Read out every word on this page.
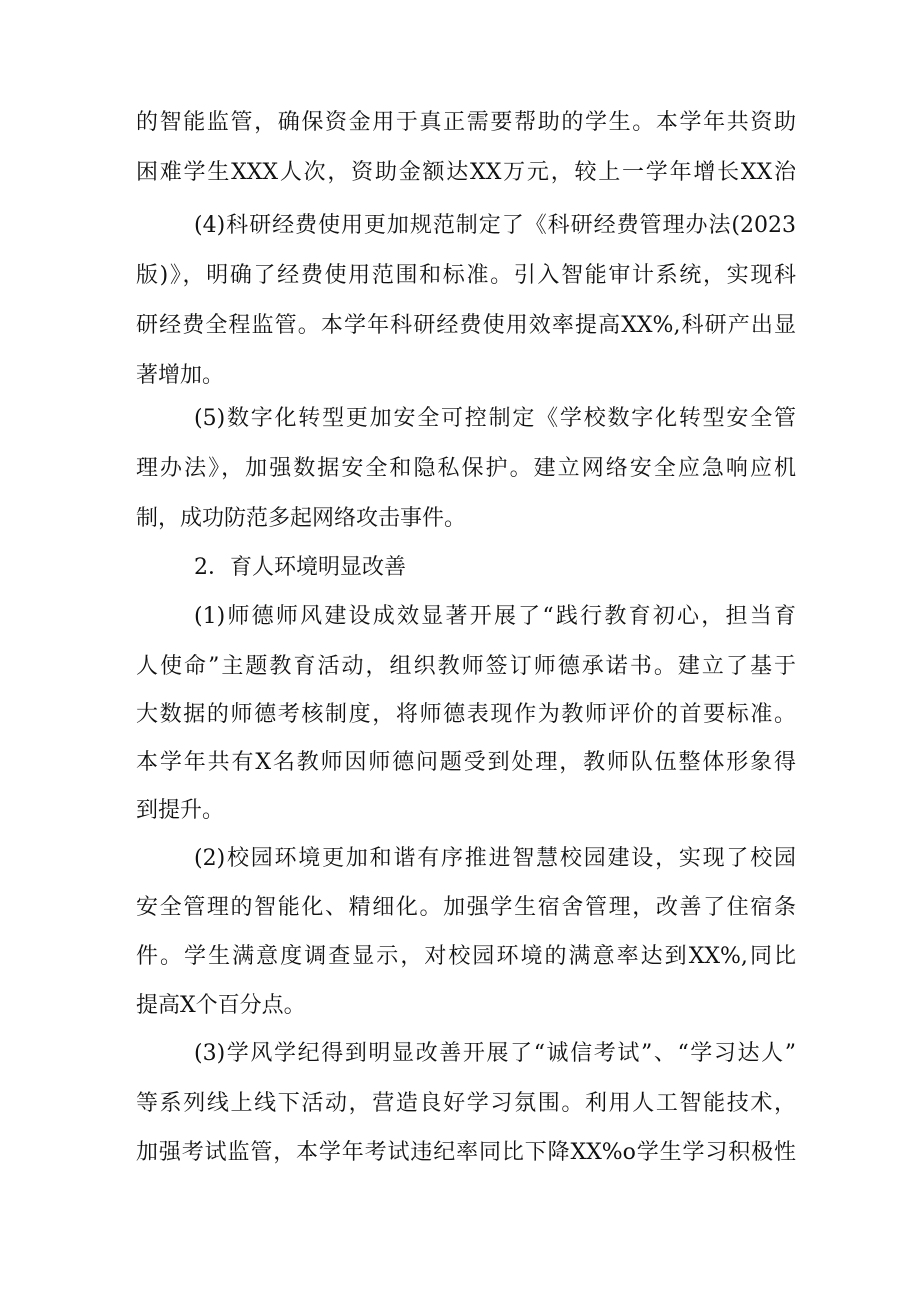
的智能监管，确保资金用于真正需要帮助的学生。本学年共资助
困难学生XXX人次，资助金额达XX万元，较上一学年增长XX治
(4)科研经费使用更加规范制定了《科研经费管理办法(2023
版)》，明确了经费使用范围和标准。引入智能审计系统，实现科
研经费全程监管。本学年科研经费使用效率提高XX%,科研产出显
著增加。
(5)数字化转型更加安全可控制定《学校数字化转型安全管
理办法》，加强数据安全和隐私保护。建立网络安全应急响应机
制，成功防范多起网络攻击事件。
2．育人环境明显改善
(1)师德师风建设成效显著开展了“践行教育初心，担当育
人使命”主题教育活动，组织教师签订师德承诺书。建立了基于
大数据的师德考核制度，将师德表现作为教师评价的首要标准。
本学年共有X名教师因师德问题受到处理，教师队伍整体形象得
到提升。
(2)校园环境更加和谐有序推进智慧校园建设，实现了校园
安全管理的智能化、精细化。加强学生宿舍管理，改善了住宿条
件。学生满意度调查显示，对校园环境的满意率达到XX%,同比
提高X个百分点。
(3)学风学纪得到明显改善开展了“诚信考试”、“学习达人”
等系列线上线下活动，营造良好学习氛围。利用人工智能技术，
加强考试监管，本学年考试违纪率同比下降XX%o学生学习积极性
